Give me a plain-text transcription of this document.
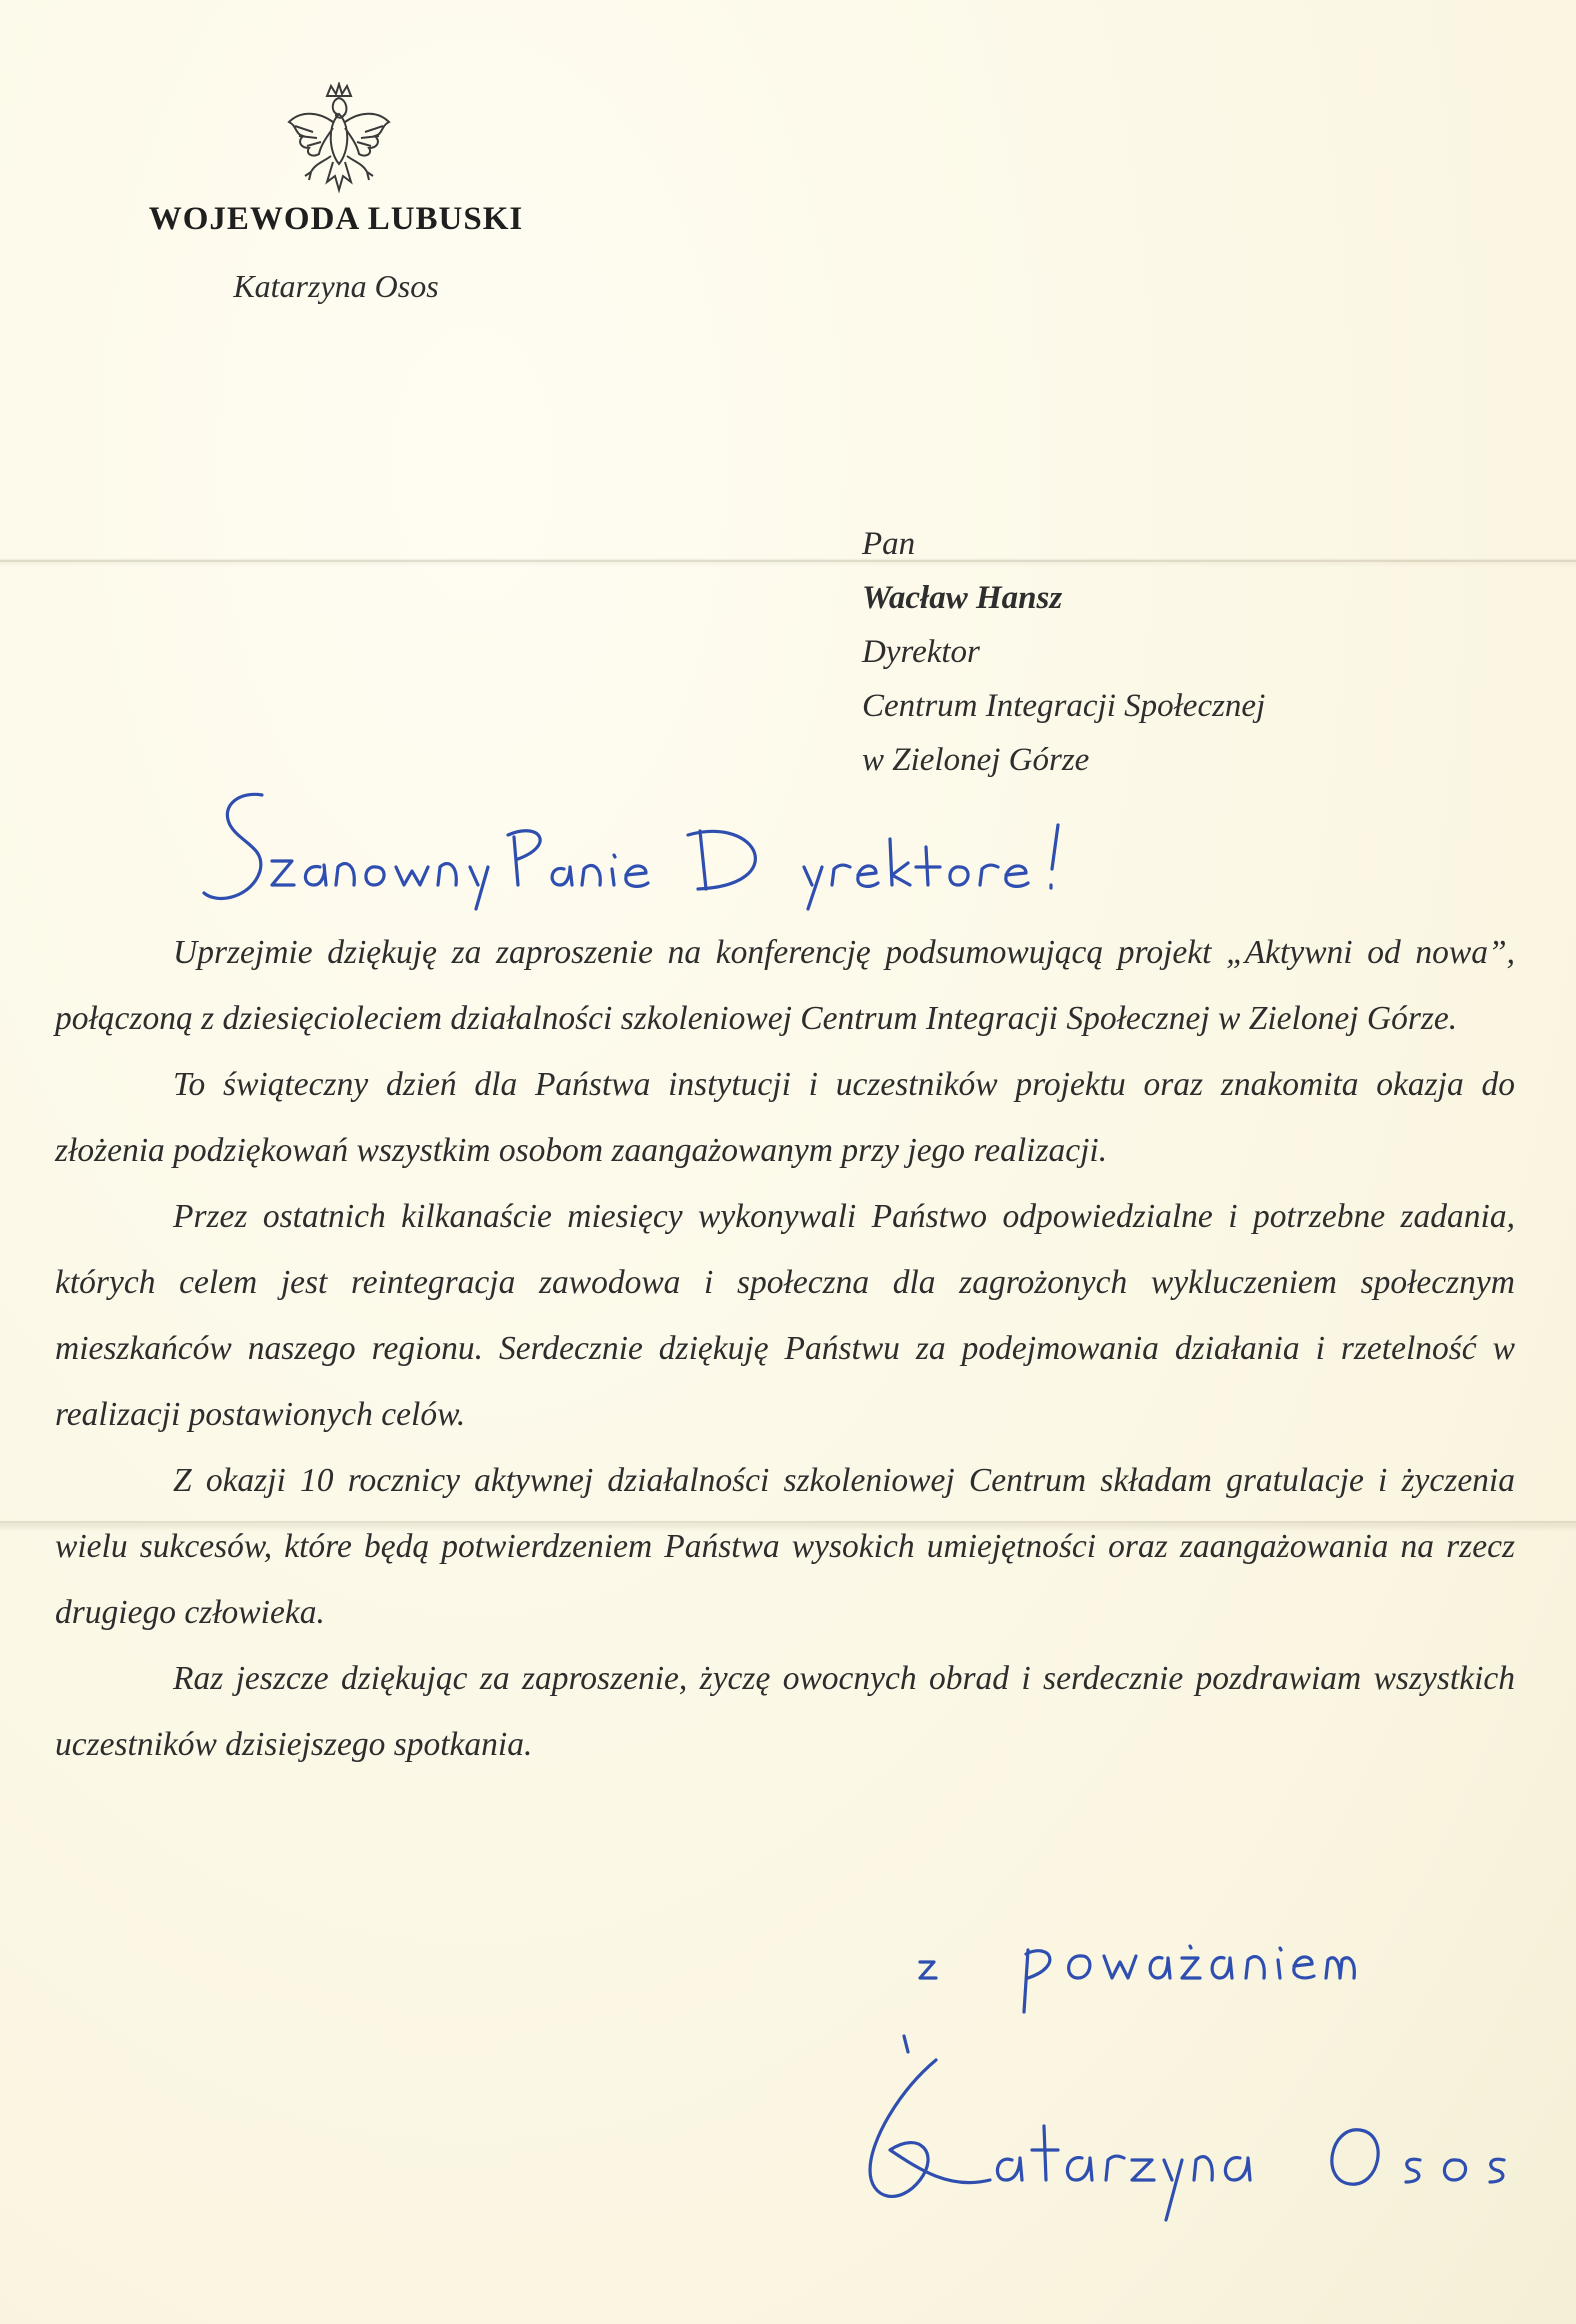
WOJEWODA LUBUSKI
Katarzyna Osos
Pan
Wacław Hansz
Dyrektor
Centrum Integracji Społecznej
w Zielonej Górze

Uprzejmie dziękuję za zaproszenie na konferencję podsumowującą projekt „Aktywni od nowa”, połączoną z dziesięcioleciem działalności szkoleniowej Centrum Integracji Społecznej w Zielonej Górze.

To świąteczny dzień dla Państwa instytucji i uczestników projektu oraz znakomita okazja do złożenia podziękowań wszystkim osobom zaangażowanym przy jego realizacji.

Przez ostatnich kilkanaście miesięcy wykonywali Państwo odpowiedzialne i potrzebne zadania, których celem jest reintegracja zawodowa i społeczna dla zagrożonych wykluczeniem społecznym mieszkańców naszego regionu. Serdecznie dziękuję Państwu za podejmowania działania i rzetelność w realizacji postawionych celów.

Z okazji 10 rocznicy aktywnej działalności szkoleniowej Centrum składam gratulacje i życzenia wielu sukcesów, które będą potwierdzeniem Państwa wysokich umiejętności oraz zaangażowania na rzecz drugiego człowieka.

Raz jeszcze dziękując za zaproszenie, życzę owocnych obrad i serdecznie pozdrawiam wszystkich uczestników dzisiejszego spotkania.
